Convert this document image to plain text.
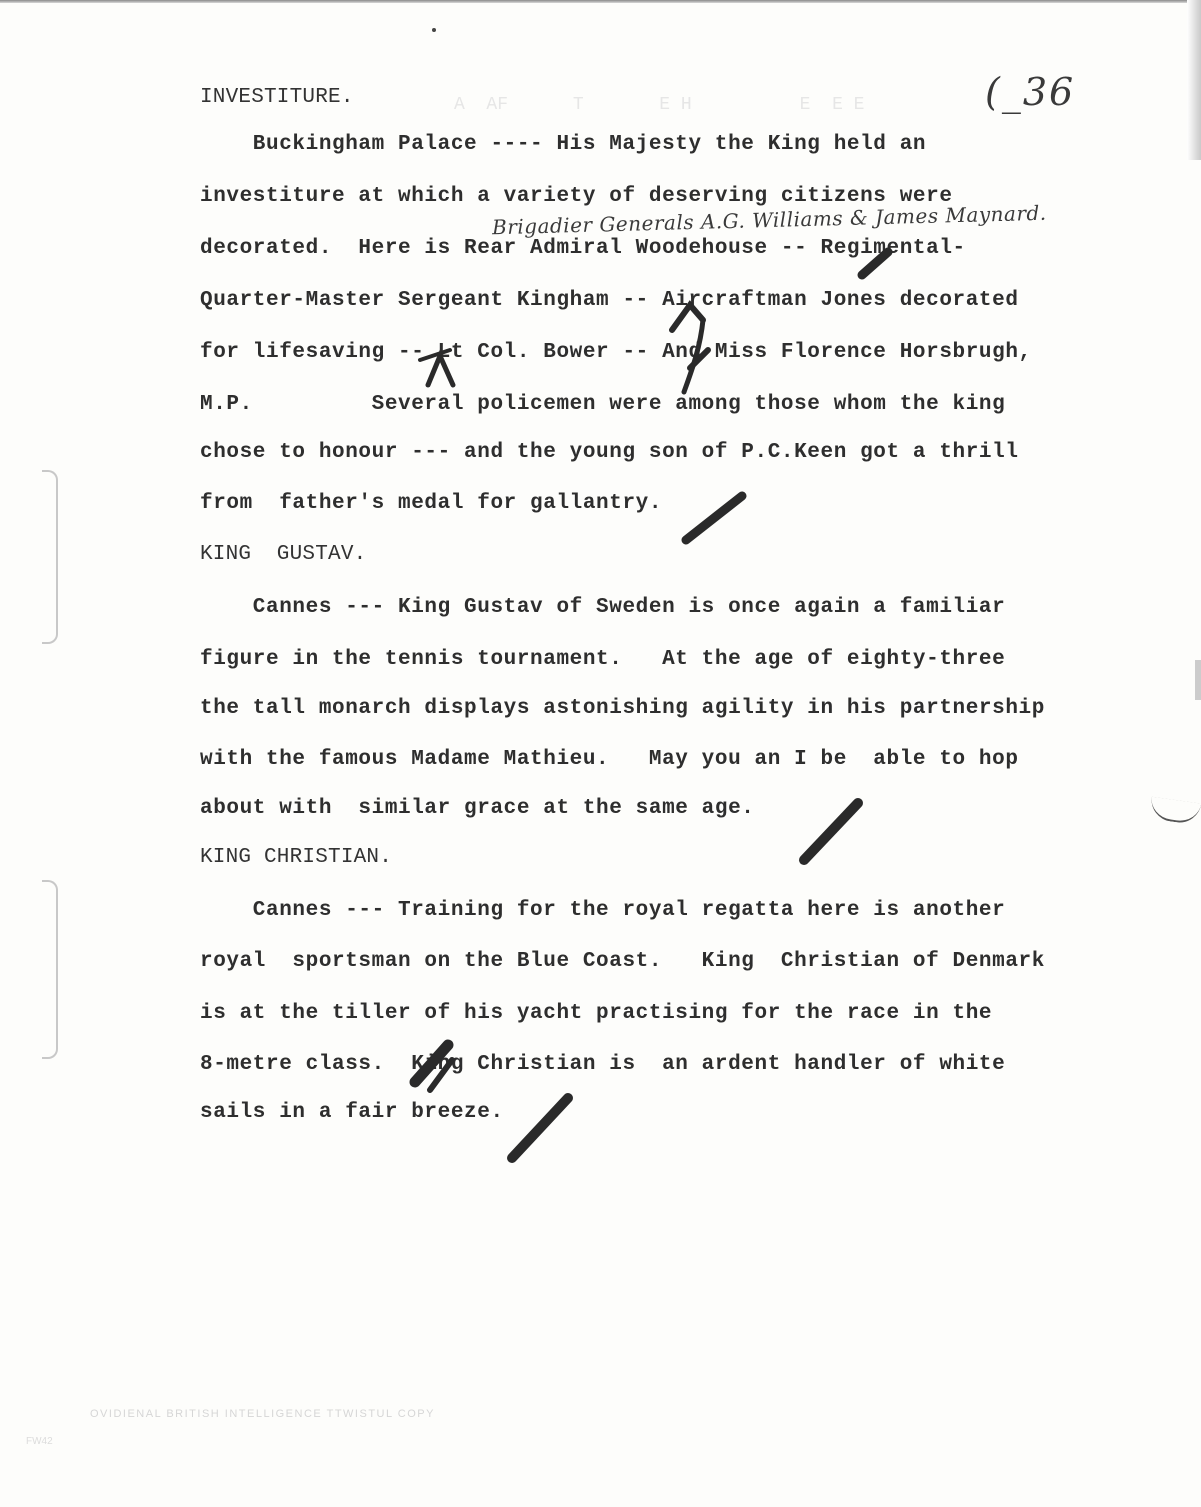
A  AF      T       E H          E  E E	(_36
INVESTITURE.
Buckingham Palace ---- His Majesty the King held an
investiture at which a variety of deserving citizens were
Brigadier Generals A.G. Williams & James Maynard.
decorated.  Here is Rear Admiral Woodehouse -- Regimental-
Quarter-Master Sergeant Kingham -- Aircraftman Jones decorated
for lifesaving -- Lt Col. Bower -- And Miss Florence Horsbrugh,
M.P.         Several policemen were among those whom the king
chose to honour --- and the young son of P.C.Keen got a thrill
from  father's medal for gallantry.
KING  GUSTAV.
Cannes --- King Gustav of Sweden is once again a familiar
figure in the tennis tournament.   At the age of eighty-three
the tall monarch displays astonishing agility in his partnership
with the famous Madame Mathieu.   May you an I be  able to hop
about with  similar grace at the same age.
KING CHRISTIAN.
Cannes --- Training for the royal regatta here is another
royal  sportsman on the Blue Coast.   King  Christian of Denmark
is at the tiller of his yacht practising for the race in the
8-metre class.  King Christian is  an ardent handler of white
sails in a fair breeze.
OVIDIENAL BRITISH INTELLIGENCE TTWISTUL COPY
FW42
